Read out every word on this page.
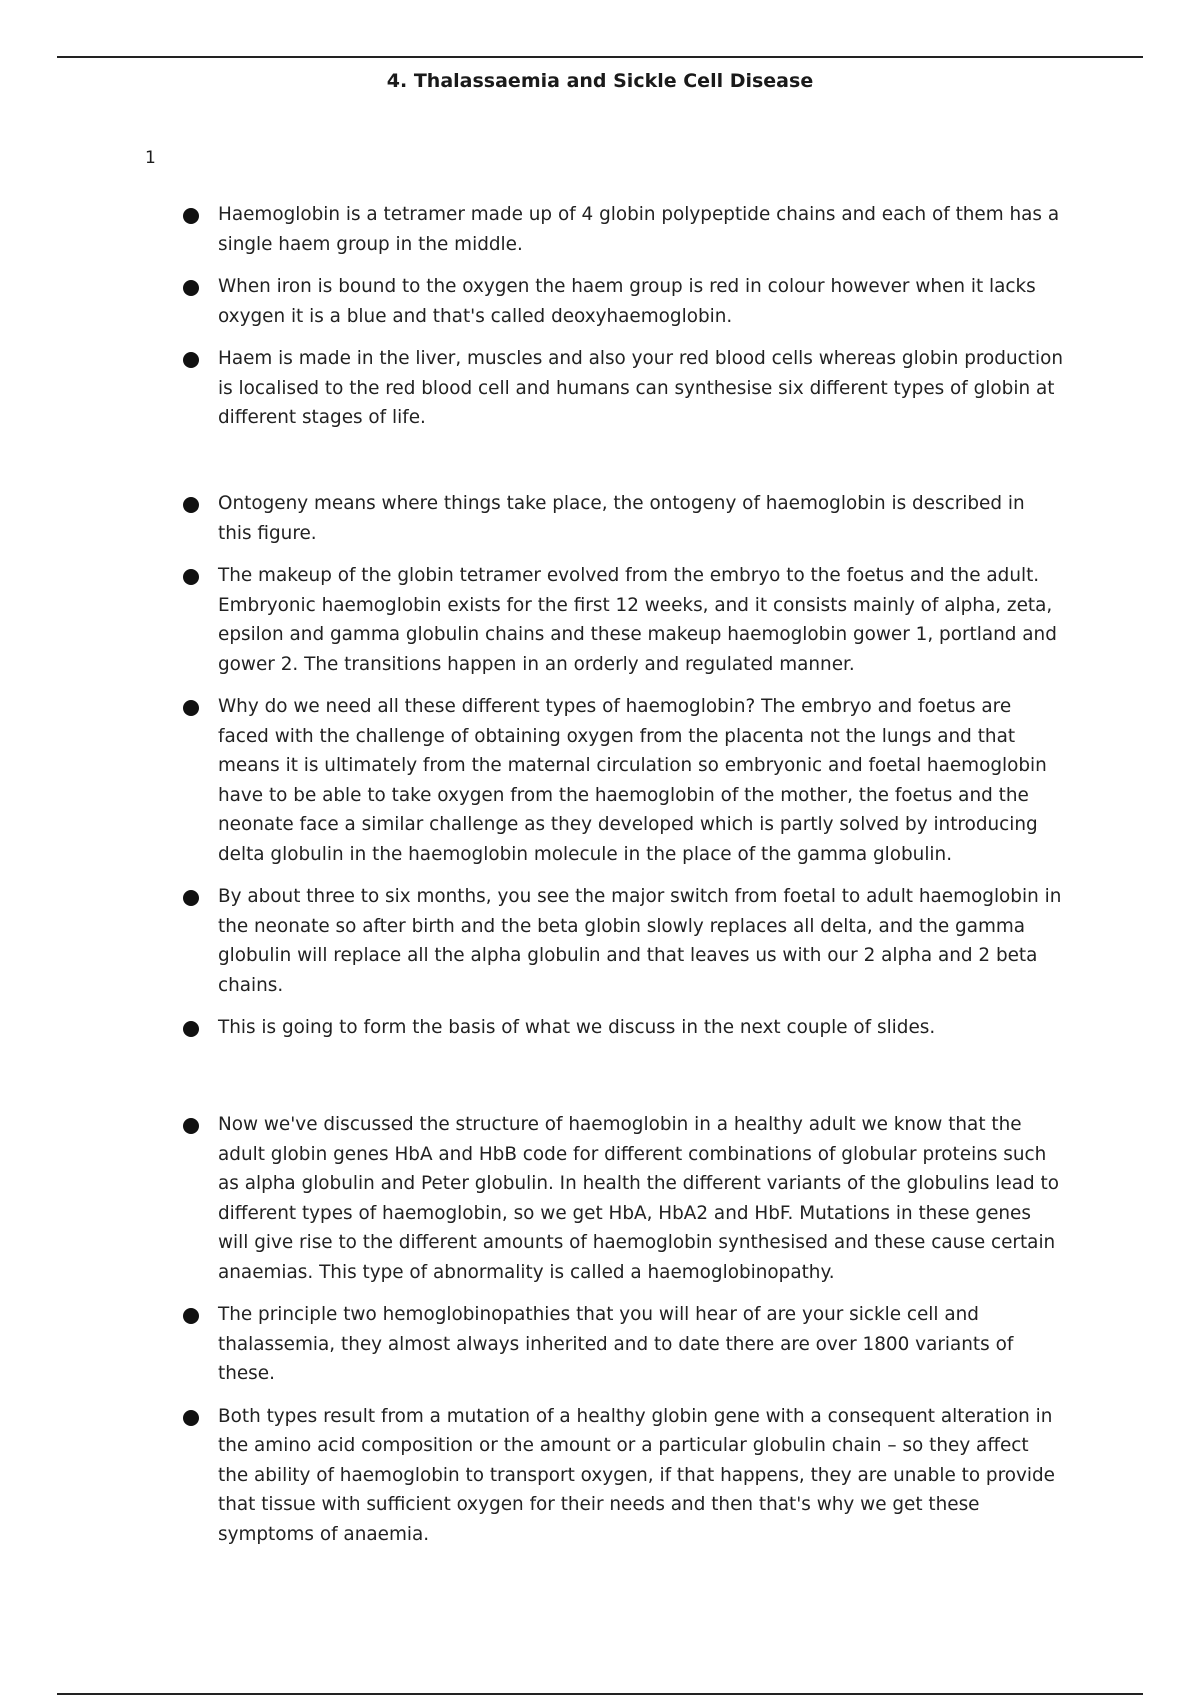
4. Thalassaemia and Sickle Cell Disease
1
Haemoglobin is a tetramer made up of 4 globin polypeptide chains and each of them has a single haem group in the middle.
When iron is bound to the oxygen the haem group is red in colour however when it lacks oxygen it is a blue and that's called deoxyhaemoglobin.
Haem is made in the liver, muscles and also your red blood cells whereas globin production is localised to the red blood cell and humans can synthesise six different types of globin at different stages of life.
Ontogeny means where things take place, the ontogeny of haemoglobin is described in this figure.
The makeup of the globin tetramer evolved from the embryo to the foetus and the adult. Embryonic haemoglobin exists for the first 12 weeks, and it consists mainly of alpha, zeta, epsilon and gamma globulin chains and these makeup haemoglobin gower 1, portland and gower 2. The transitions happen in an orderly and regulated manner.
Why do we need all these different types of haemoglobin? The embryo and foetus are faced with the challenge of obtaining oxygen from the placenta not the lungs and that means it is ultimately from the maternal circulation so embryonic and foetal haemoglobin have to be able to take oxygen from the haemoglobin of the mother, the foetus and the neonate face a similar challenge as they developed which is partly solved by introducing delta globulin in the haemoglobin molecule in the place of the gamma globulin.
By about three to six months, you see the major switch from foetal to adult haemoglobin in the neonate so after birth and the beta globin slowly replaces all delta, and the gamma globulin will replace all the alpha globulin and that leaves us with our 2 alpha and 2 beta chains.
This is going to form the basis of what we discuss in the next couple of slides.
Now we've discussed the structure of haemoglobin in a healthy adult we know that the adult globin genes HbA and HbB code for different combinations of globular proteins such as alpha globulin and Peter globulin. In health the different variants of the globulins lead to different types of haemoglobin, so we get HbA, HbA2 and HbF. Mutations in these genes will give rise to the different amounts of haemoglobin synthesised and these cause certain anaemias. This type of abnormality is called a haemoglobinopathy.
The principle two hemoglobinopathies that you will hear of are your sickle cell and thalassemia, they almost always inherited and to date there are over 1800 variants of these.
Both types result from a mutation of a healthy globin gene with a consequent alteration in the amino acid composition or the amount or a particular globulin chain – so they affect the ability of haemoglobin to transport oxygen, if that happens, they are unable to provide that tissue with sufficient oxygen for their needs and then that's why we get these symptoms of anaemia.
